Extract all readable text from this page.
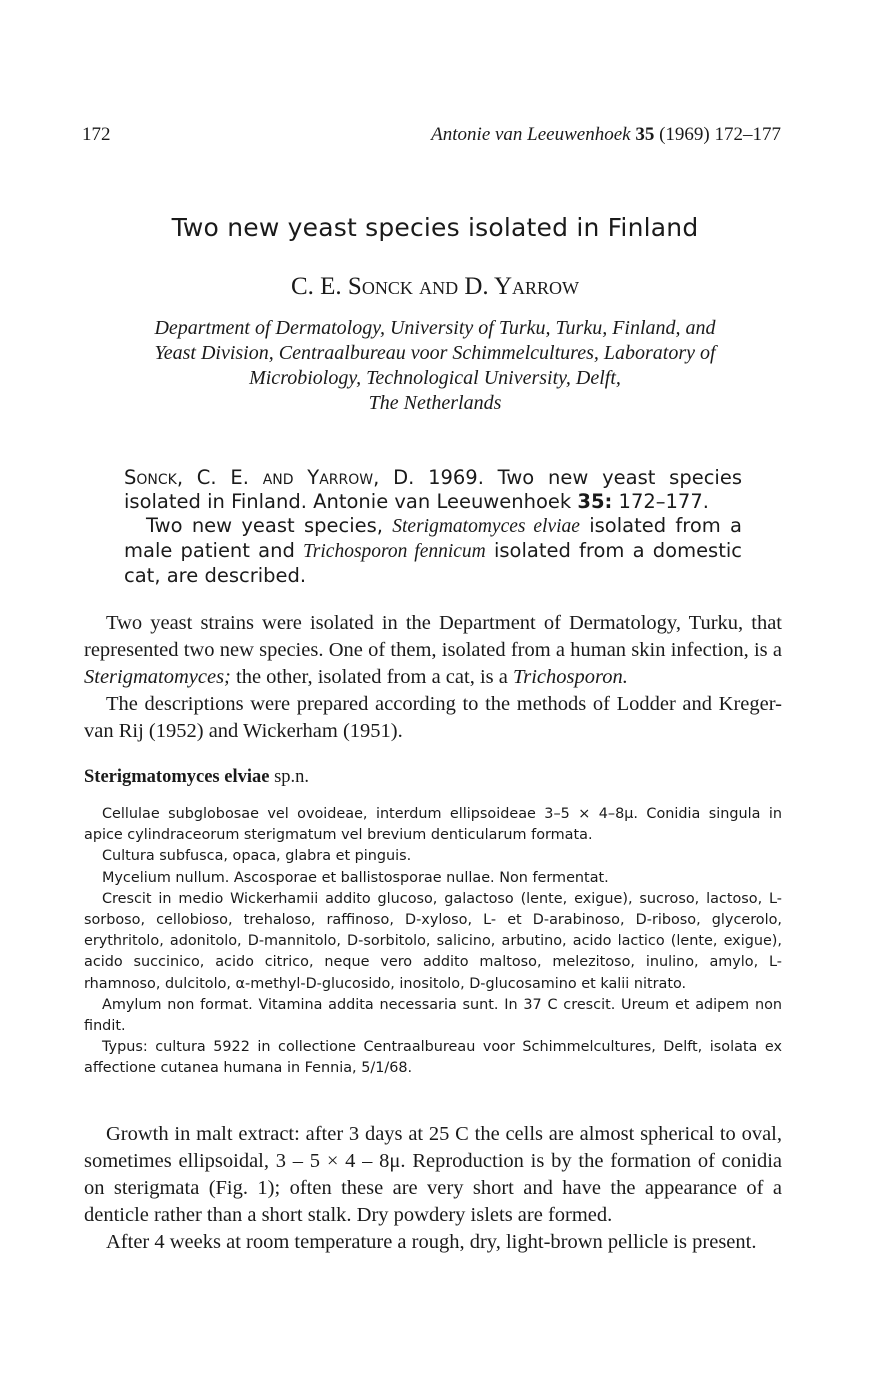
172	Antonie van Leeuwenhoek 35 (1969) 172–177
Two new yeast species isolated in Finland
C. E. Sonck and D. Yarrow
Department of Dermatology, University of Turku, Turku, Finland, and
Yeast Division, Centraalbureau voor Schimmelcultures, Laboratory of
Microbiology, Technological University, Delft,
The Netherlands

Sonck, C. E. and Yarrow, D. 1969. Two new yeast species isolated in Finland. Antonie van Leeuwenhoek 35: 172–177.

Two new yeast species, Sterigmatomyces elviae isolated from a male patient and Trichosporon fennicum isolated from a domestic cat, are described.

Two yeast strains were isolated in the Department of Dermatology, Turku, that represented two new species. One of them, isolated from a human skin infection, is a Sterigmatomyces; the other, isolated from a cat, is a Trichosporon.

The descriptions were prepared according to the methods of Lodder and Kreger-van Rij (1952) and Wickerham (1951).

Sterigmatomyces elviae sp.n.

Cellulae subglobosae vel ovoideae, interdum ellipsoideae 3–5 × 4–8μ. Conidia singula in apice cylindraceorum sterigmatum vel brevium denticularum formata.

Cultura subfusca, opaca, glabra et pinguis.

Mycelium nullum. Ascosporae et ballistosporae nullae. Non fermentat.

Crescit in medio Wickerhamii addito glucoso, galactoso (lente, exigue), sucroso, lactoso, L-sorboso, cellobioso, trehaloso, raffinoso, D-xyloso, L- et D-arabinoso, D-riboso, glycerolo, erythritolo, adonitolo, D-mannitolo, D-sorbitolo, salicino, arbutino, acido lactico (lente, exigue), acido succinico, acido citrico, neque vero addito maltoso, melezitoso, inulino, amylo, L-rhamnoso, dulcitolo, α-methyl-D-glucosido, inositolo, D-glucosamino et kalii nitrato.

Amylum non format. Vitamina addita necessaria sunt. In 37 C crescit. Ureum et adipem non findit.

Typus: cultura 5922 in collectione Centraalbureau voor Schimmelcultures, Delft, isolata ex affectione cutanea humana in Fennia, 5/1/68.

Growth in malt extract: after 3 days at 25 C the cells are almost spherical to oval, sometimes ellipsoidal, 3 – 5 × 4 – 8μ. Reproduction is by the formation of conidia on sterigmata (Fig. 1); often these are very short and have the appearance of a denticle rather than a short stalk. Dry powdery islets are formed.

After 4 weeks at room temperature a rough, dry, light-brown pellicle is present.
